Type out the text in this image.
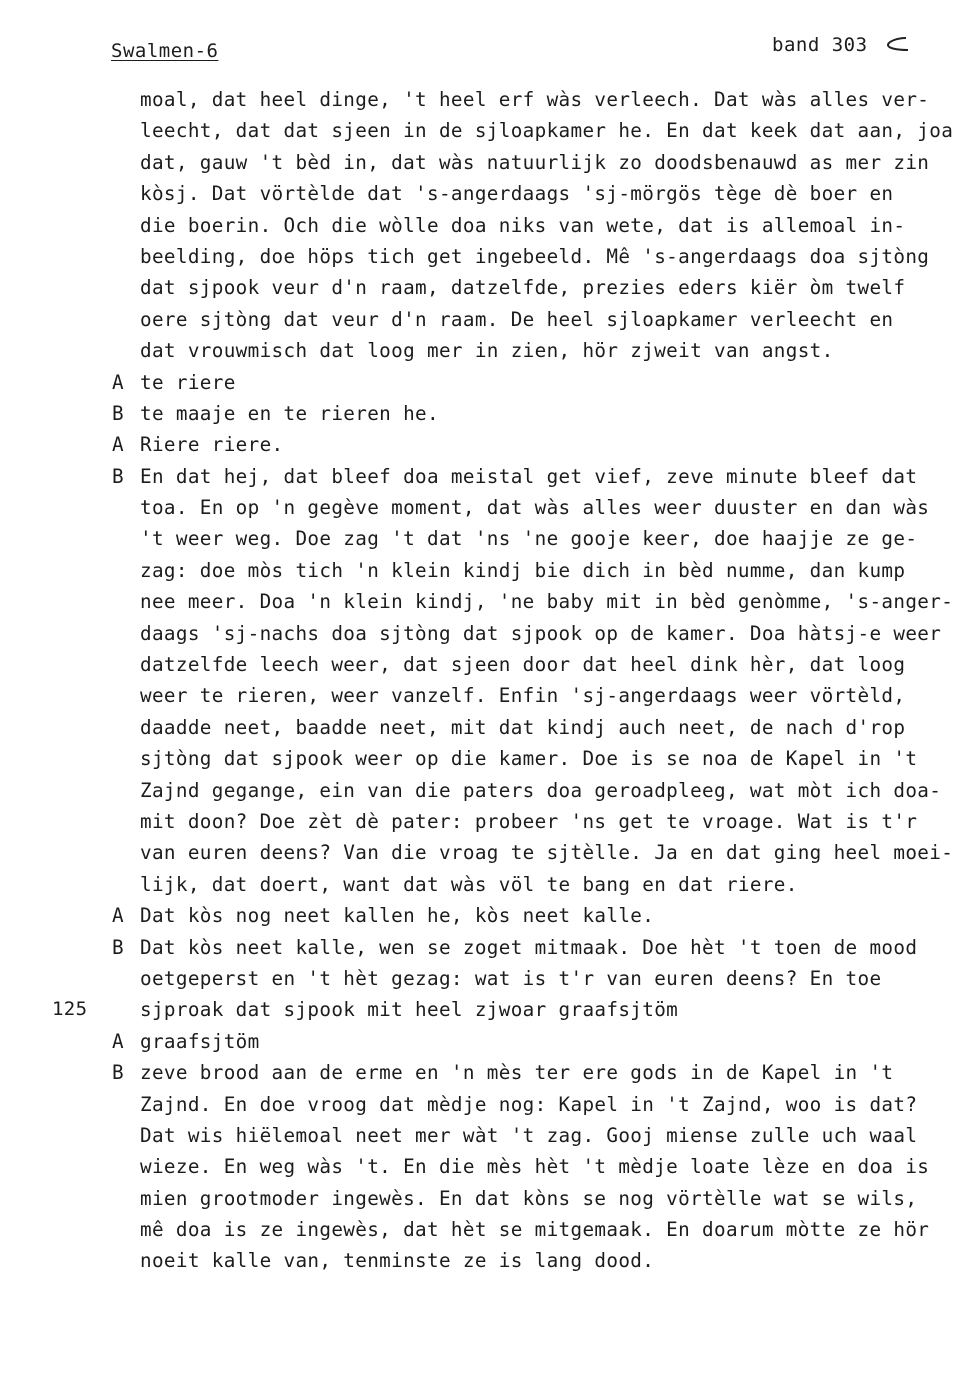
Swalmen-6	band 303
moal, dat heel dinge, 't heel erf wàs verleech. Dat wàs alles ver-
leecht, dat dat sjeen in de sjloapkamer he. En dat keek dat aan, joa
dat, gauw 't bèd in, dat wàs natuurlijk zo doodsbenauwd as mer zin
kòsj. Dat vörtèlde dat 's-angerdaags 'sj-mörgös tège dè boer en
die boerin. Och die wòlle doa niks van wete, dat is allemoal in-
beelding, doe höps tich get ingebeeld. Mê 's-angerdaags doa sjtòng
dat sjpook veur d'n raam, datzelfde, prezies eders kiër òm twelf
oere sjtòng dat veur d'n raam. De heel sjloapkamer verleecht en
dat vrouwmisch dat loog mer in zien, hör zjweit van angst.
A te riere
B te maaje en te rieren he.
A Riere riere.
B En dat hej, dat bleef doa meistal get vief, zeve minute bleef dat
toa. En op 'n gegève moment, dat wàs alles weer duuster en dan wàs
't weer weg. Doe zag 't dat 'ns 'ne gooje keer, doe haajje ze ge-
zag: doe mòs tich 'n klein kindj bie dich in bèd numme, dan kump
nee meer. Doa 'n klein kindj, 'ne baby mit in bèd genòmme, 's-anger-
daags 'sj-nachs doa sjtòng dat sjpook op de kamer. Doa hàtsj-e weer
datzelfde leech weer, dat sjeen door dat heel dink hèr, dat loog
weer te rieren, weer vanzelf. Enfin 'sj-angerdaags weer vörtèld,
daadde neet, baadde neet, mit dat kindj auch neet, de nach d'rop
sjtòng dat sjpook weer op die kamer. Doe is se noa de Kapel in 't
Zajnd gegange, ein van die paters doa geroadpleeg, wat mòt ich doa-
mit doon? Doe zèt dè pater: probeer 'ns get te vroage. Wat is t'r
van euren deens? Van die vroag te sjtèlle. Ja en dat ging heel moei-
lijk, dat doert, want dat wàs völ te bang en dat riere.
A Dat kòs nog neet kallen he, kòs neet kalle.
B Dat kòs neet kalle, wen se zoget mitmaak. Doe hèt 't toen de mood
oetgeperst en 't hèt gezag: wat is t'r van euren deens? En toe
125	sjproak dat sjpook mit heel zjwoar graafsjtöm
A graafsjtöm
B zeve brood aan de erme en 'n mès ter ere gods in de Kapel in 't
Zajnd. En doe vroog dat mèdje nog: Kapel in 't Zajnd, woo is dat?
Dat wis hiëlemoal neet mer wàt 't zag. Gooj miense zulle uch waal
wieze. En weg wàs 't. En die mès hèt 't mèdje loate lèze en doa is
mien grootmoder ingewès. En dat kòns se nog vörtèlle wat se wils,
mê doa is ze ingewès, dat hèt se mitgemaak. En doarum mòtte ze hör
noeit kalle van, tenminste ze is lang dood.
